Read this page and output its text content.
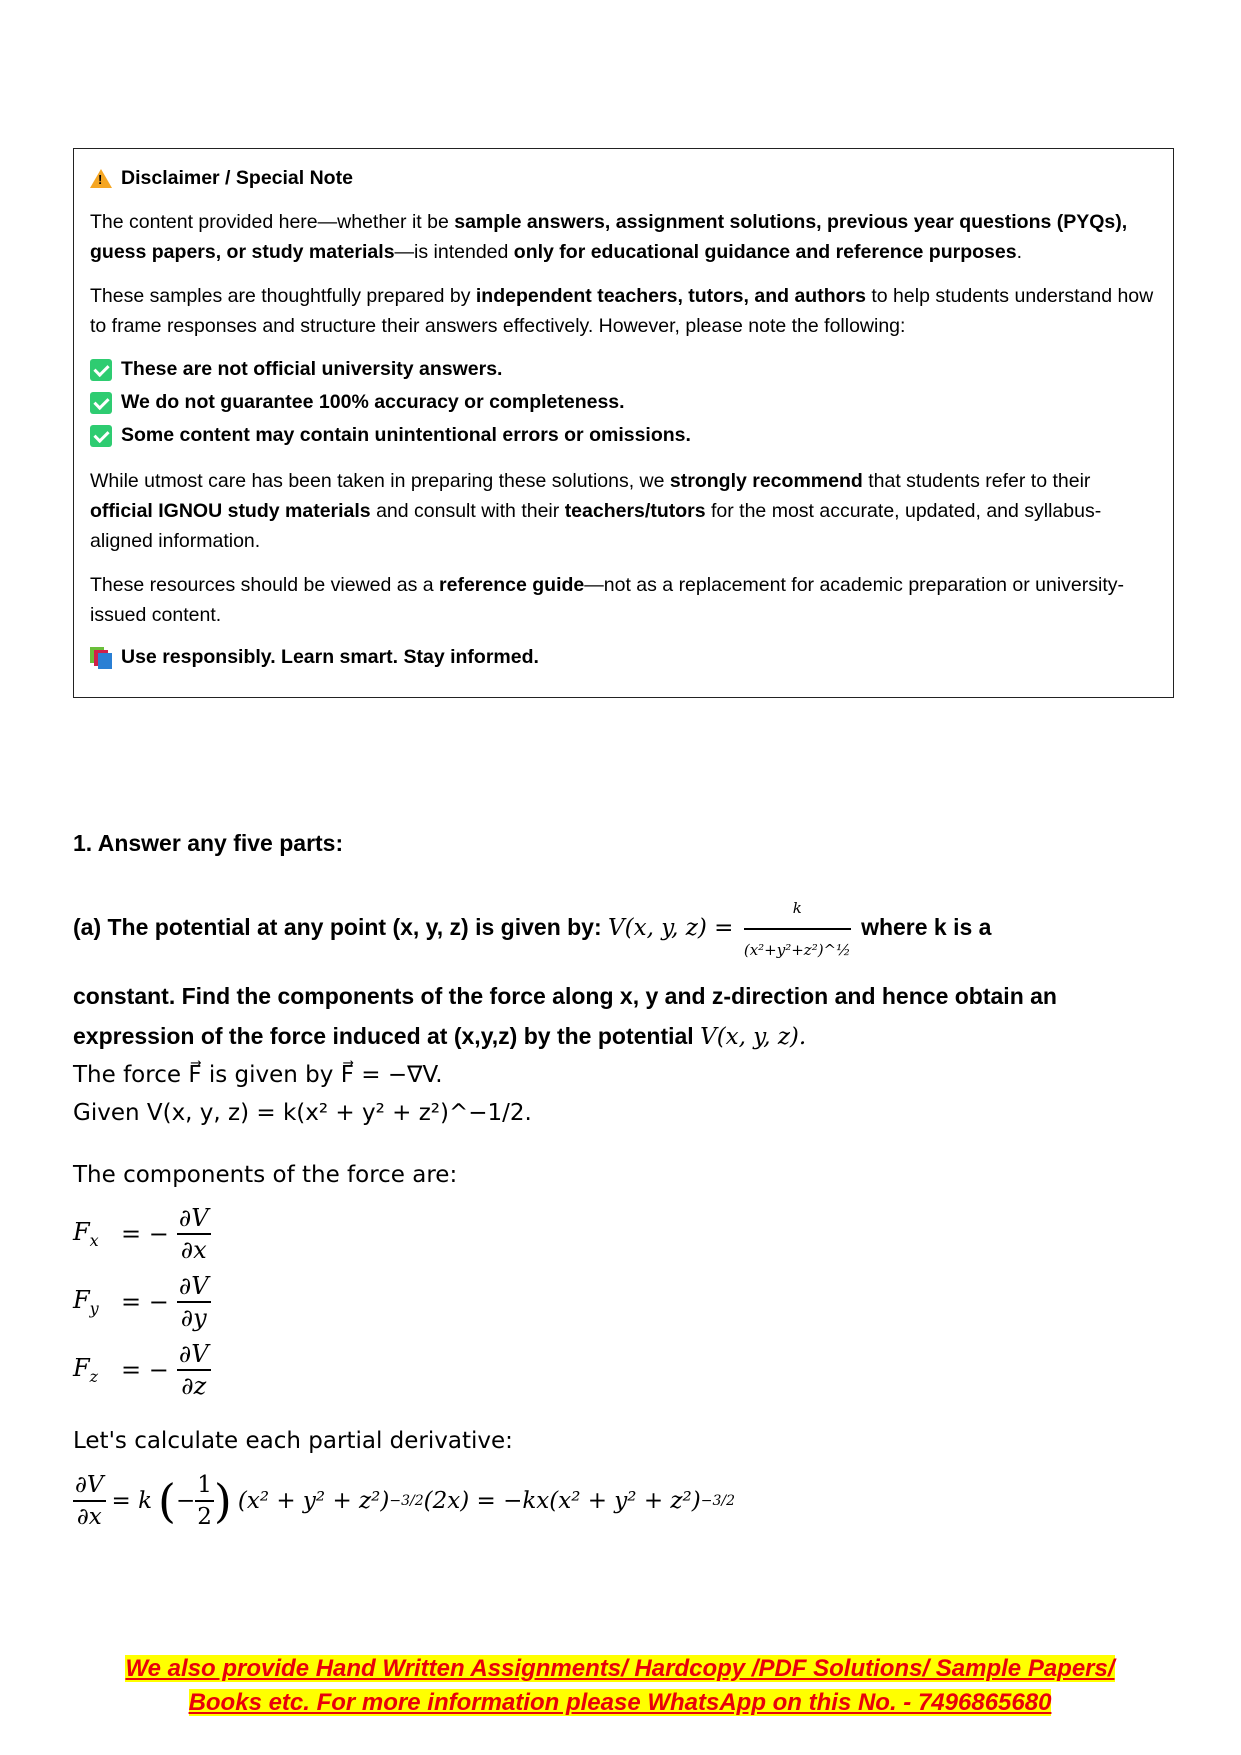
!
Disclaimer / Special Note

The content provided here—whether it be sample answers, assignment solutions, previous year questions (PYQs), guess papers, or study materials—is intended only for educational guidance and reference purposes.

These samples are thoughtfully prepared by independent teachers, tutors, and authors to help students understand how to frame responses and structure their answers effectively. However, please note the following:

These are not official university answers.
We do not guarantee 100% accuracy or completeness.
Some content may contain unintentional errors or omissions.

While utmost care has been taken in preparing these solutions, we strongly recommend that students refer to their official IGNOU study materials and consult with their teachers/tutors for the most accurate, updated, and syllabus-aligned information.

These resources should be viewed as a reference guide—not as a replacement for academic preparation or university-issued content.

Use responsibly. Learn smart. Stay informed.
1. Answer any five parts:
(a) The potential at any point (x, y, z) is given by: V(x, y, $z) = \frac{k}{\text{(x²+y²+z²)\textasciicircum{}½}}$ where k is a
constant. Find the components of the force along x, y and z-direction and hence obtain an expression of the force induced at (x,y,z) by the potential V(x, y, z).
The force F⃗ is given by F⃗ = −∇V.
Given V(x, y, z) = k(x² + y² + z²)^−1/2.
The components of the force are:
$F_x$ = − $\frac{\partial V}{\partial x}$
$F_y$ = − $\frac{\partial V}{\partial y}$
$F_z$ = − $\frac{\partial V}{\partial z}$
Let's calculate each partial derivative:
$\frac{\partial V}{\partial x} = k$ ( − $\frac{1}{2}$ ) (x² + y² + z²) −3/2 (2x) = −kx(x² + y² + z²) −3/2
We also provide Hand Written Assignments/ Hardcopy /PDF Solutions/ Sample Papers/
Books etc. For more information please WhatsApp on this No. - 7496865680
